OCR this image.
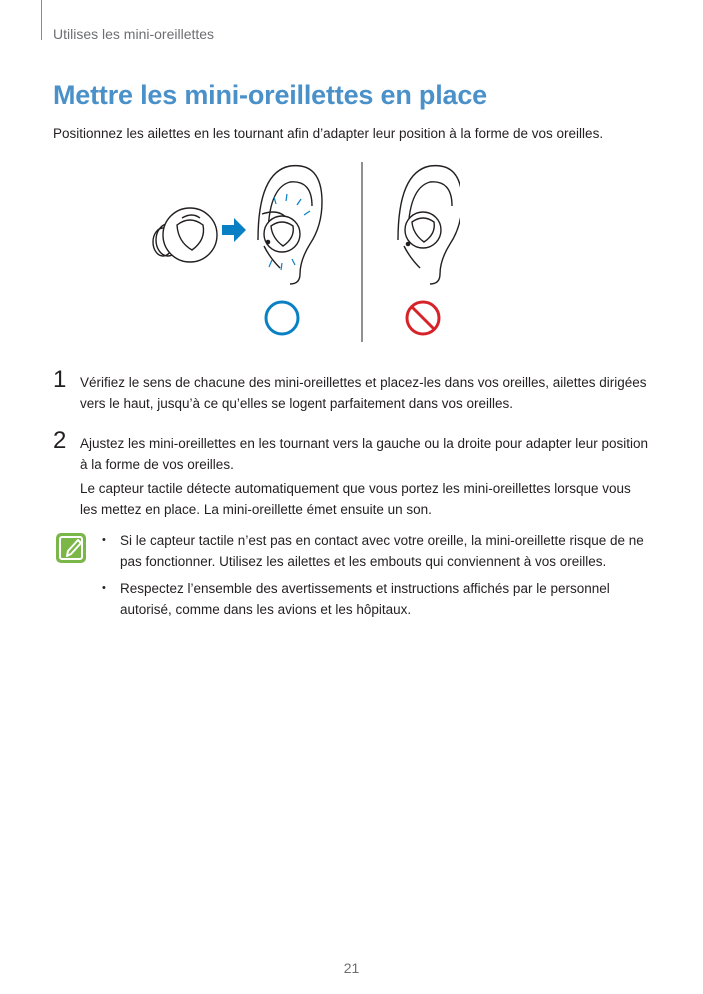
Utilises les mini-oreillettes
Mettre les mini-oreillettes en place
Positionnez les ailettes en les tournant afin d’adapter leur position à la forme de vos oreilles.
1 Vérifiez le sens de chacune des mini-oreillettes et placez-les dans vos oreilles, ailettes dirigées vers le haut, jusqu’à ce qu’elles se logent parfaitement dans vos oreilles.
2 Ajustez les mini-oreillettes en les tournant vers la gauche ou la droite pour adapter leur position à la forme de vos oreilles.
Le capteur tactile détecte automatiquement que vous portez les mini-oreillettes lorsque vous les mettez en place. La mini-oreillette émet ensuite un son.
• Si le capteur tactile n’est pas en contact avec votre oreille, la mini-oreillette risque de ne pas fonctionner. Utilisez les ailettes et les embouts qui conviennent à vos oreilles.
• Respectez l’ensemble des avertissements et instructions affichés par le personnel autorisé, comme dans les avions et les hôpitaux.
21
